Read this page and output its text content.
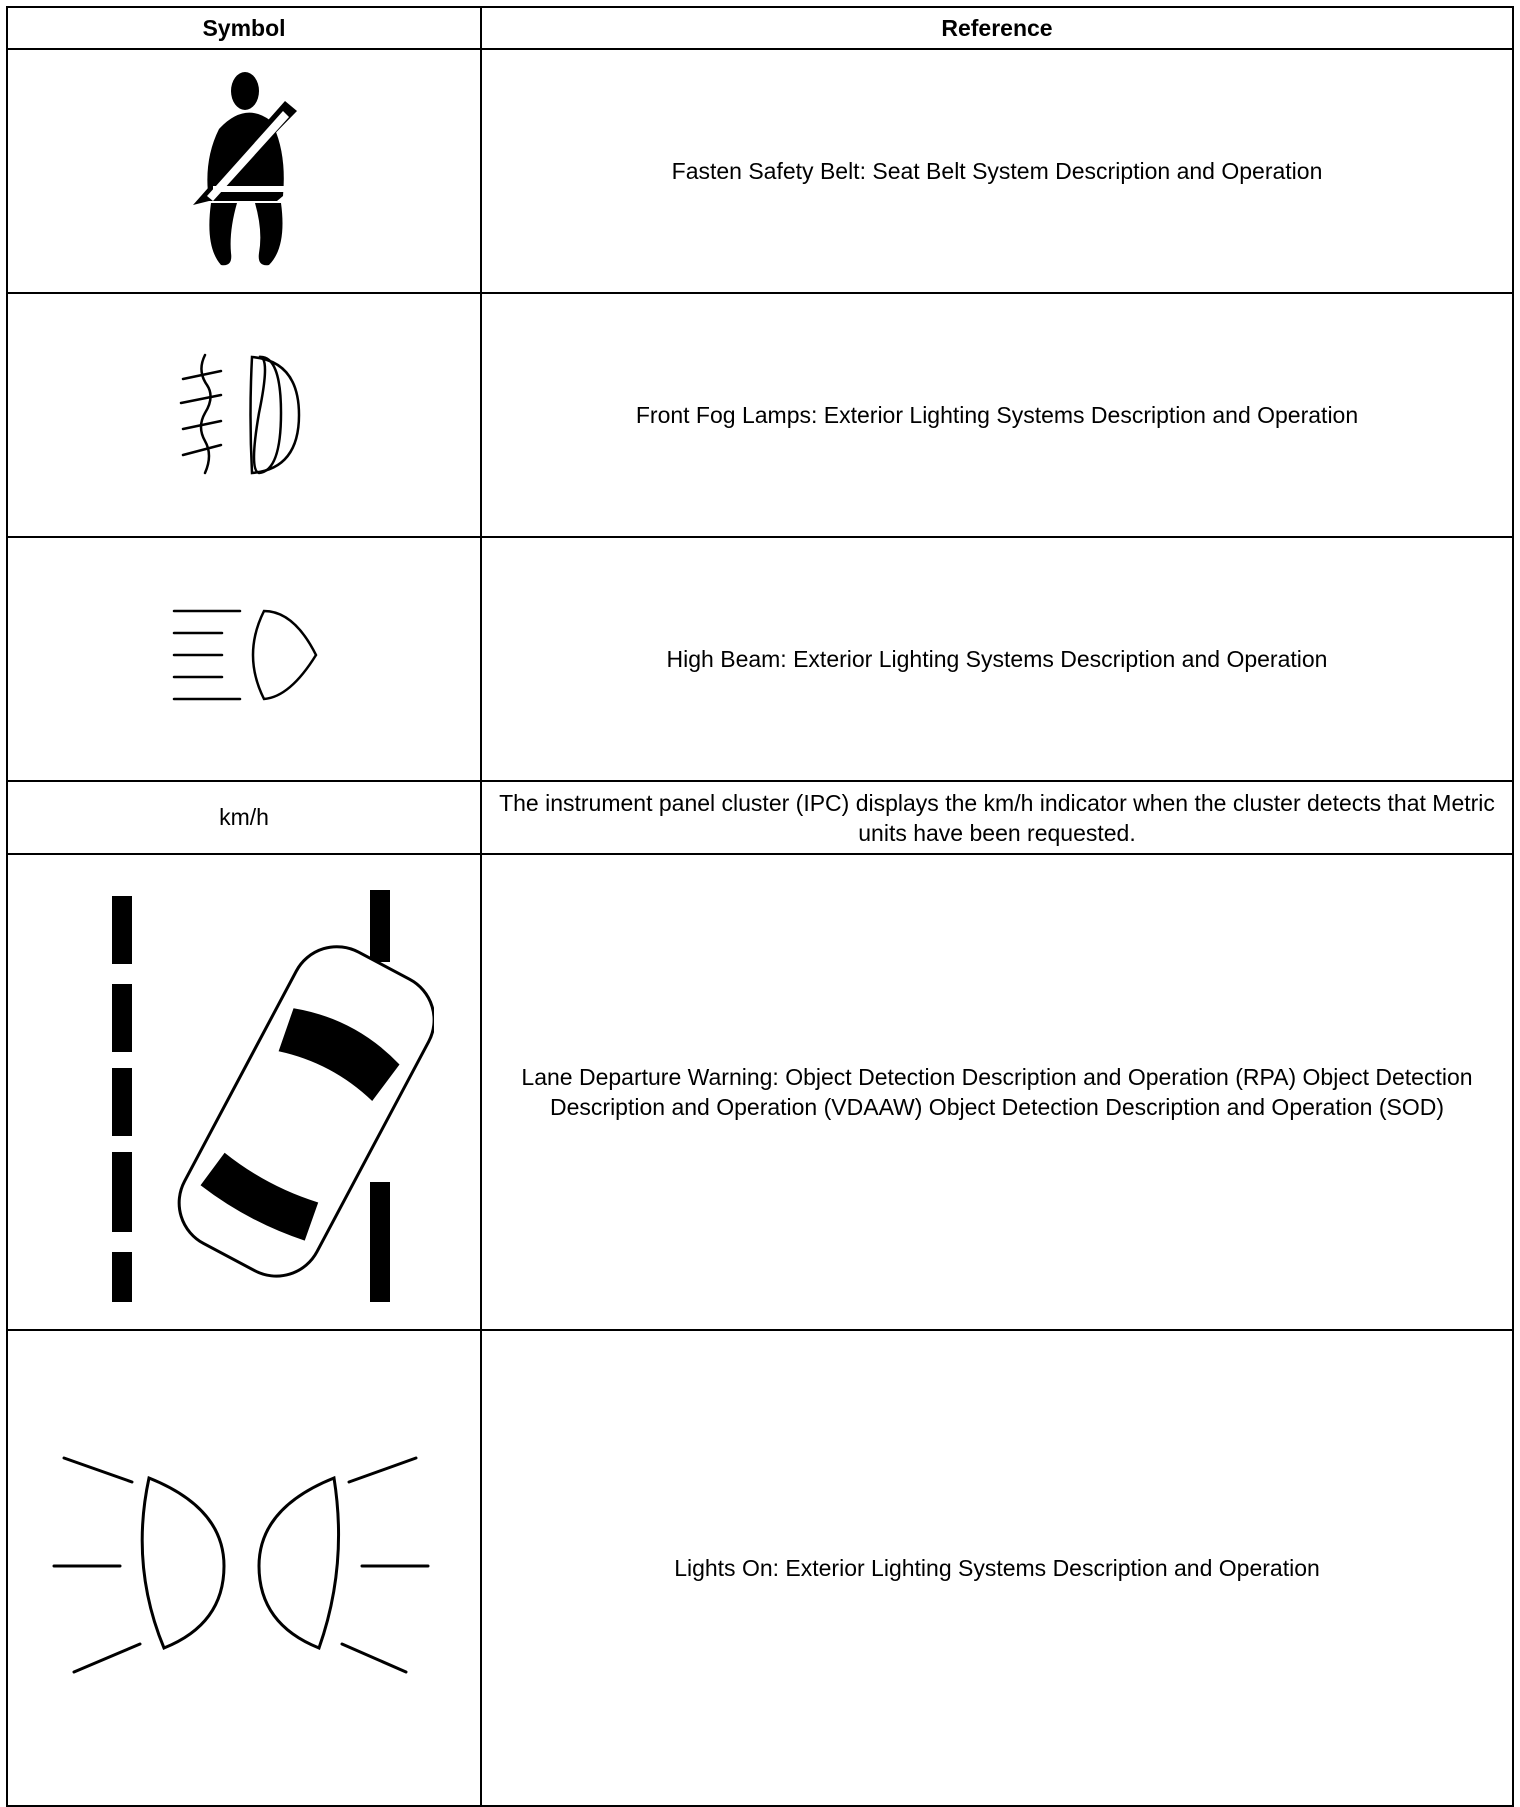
Symbol	Reference

	Fasten Safety Belt: Seat Belt System Description and Operation

	Front Fog Lamps: Exterior Lighting Systems Description and Operation

	High Beam: Exterior Lighting Systems Description and Operation
km/h	The instrument panel cluster (IPC) displays the km/h indicator when the cluster detects that Metric units have been requested.

	Lane Departure Warning: Object Detection Description and Operation (RPA) Object Detection Description and Operation (VDAAW) Object Detection Description and Operation (SOD)

	Lights On: Exterior Lighting Systems Description and Operation
